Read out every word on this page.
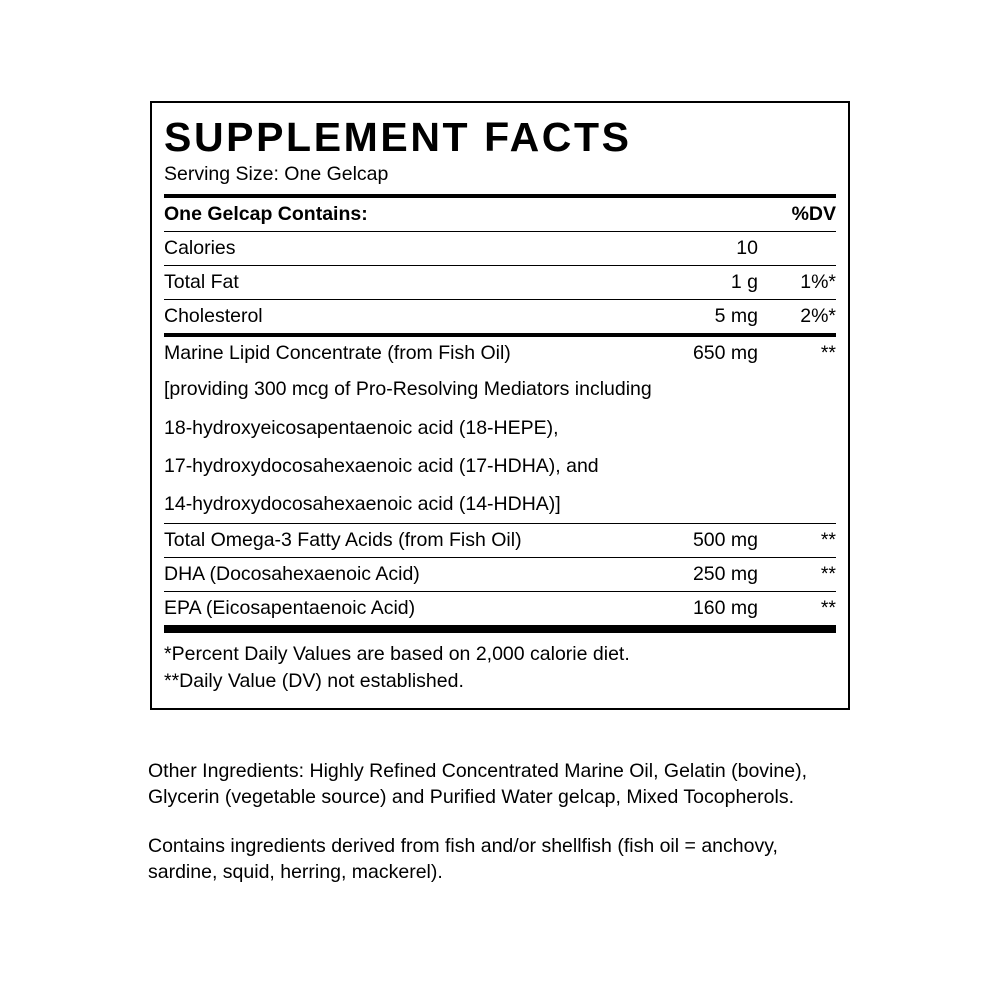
SUPPLEMENT FACTS
Serving Size: One Gelcap
One Gelcap Contains:		%DV
Calories	10	
Total Fat	1 g	1%*
Cholesterol	5 mg	2%*
Marine Lipid Concentrate (from Fish Oil)	650 mg	**
[providing 300 mcg of Pro-Resolving Mediators including		
18-hydroxyeicosapentaenoic acid (18-HEPE),		
17-hydroxydocosahexaenoic acid (17-HDHA), and		
14-hydroxydocosahexaenoic acid (14-HDHA)]		
Total Omega-3 Fatty Acids (from Fish Oil)	500 mg	**
DHA (Docosahexaenoic Acid)	250 mg	**
EPA (Eicosapentaenoic Acid)	160 mg	**
*Percent Daily Values are based on 2,000 calorie diet.
**Daily Value (DV) not established.

Other Ingredients: Highly Refined Concentrated Marine Oil, Gelatin (bovine), Glycerin (vegetable source) and Purified Water gelcap, Mixed Tocopherols.

Contains ingredients derived from fish and/or shellfish (fish oil = anchovy, sardine, squid, herring, mackerel).
